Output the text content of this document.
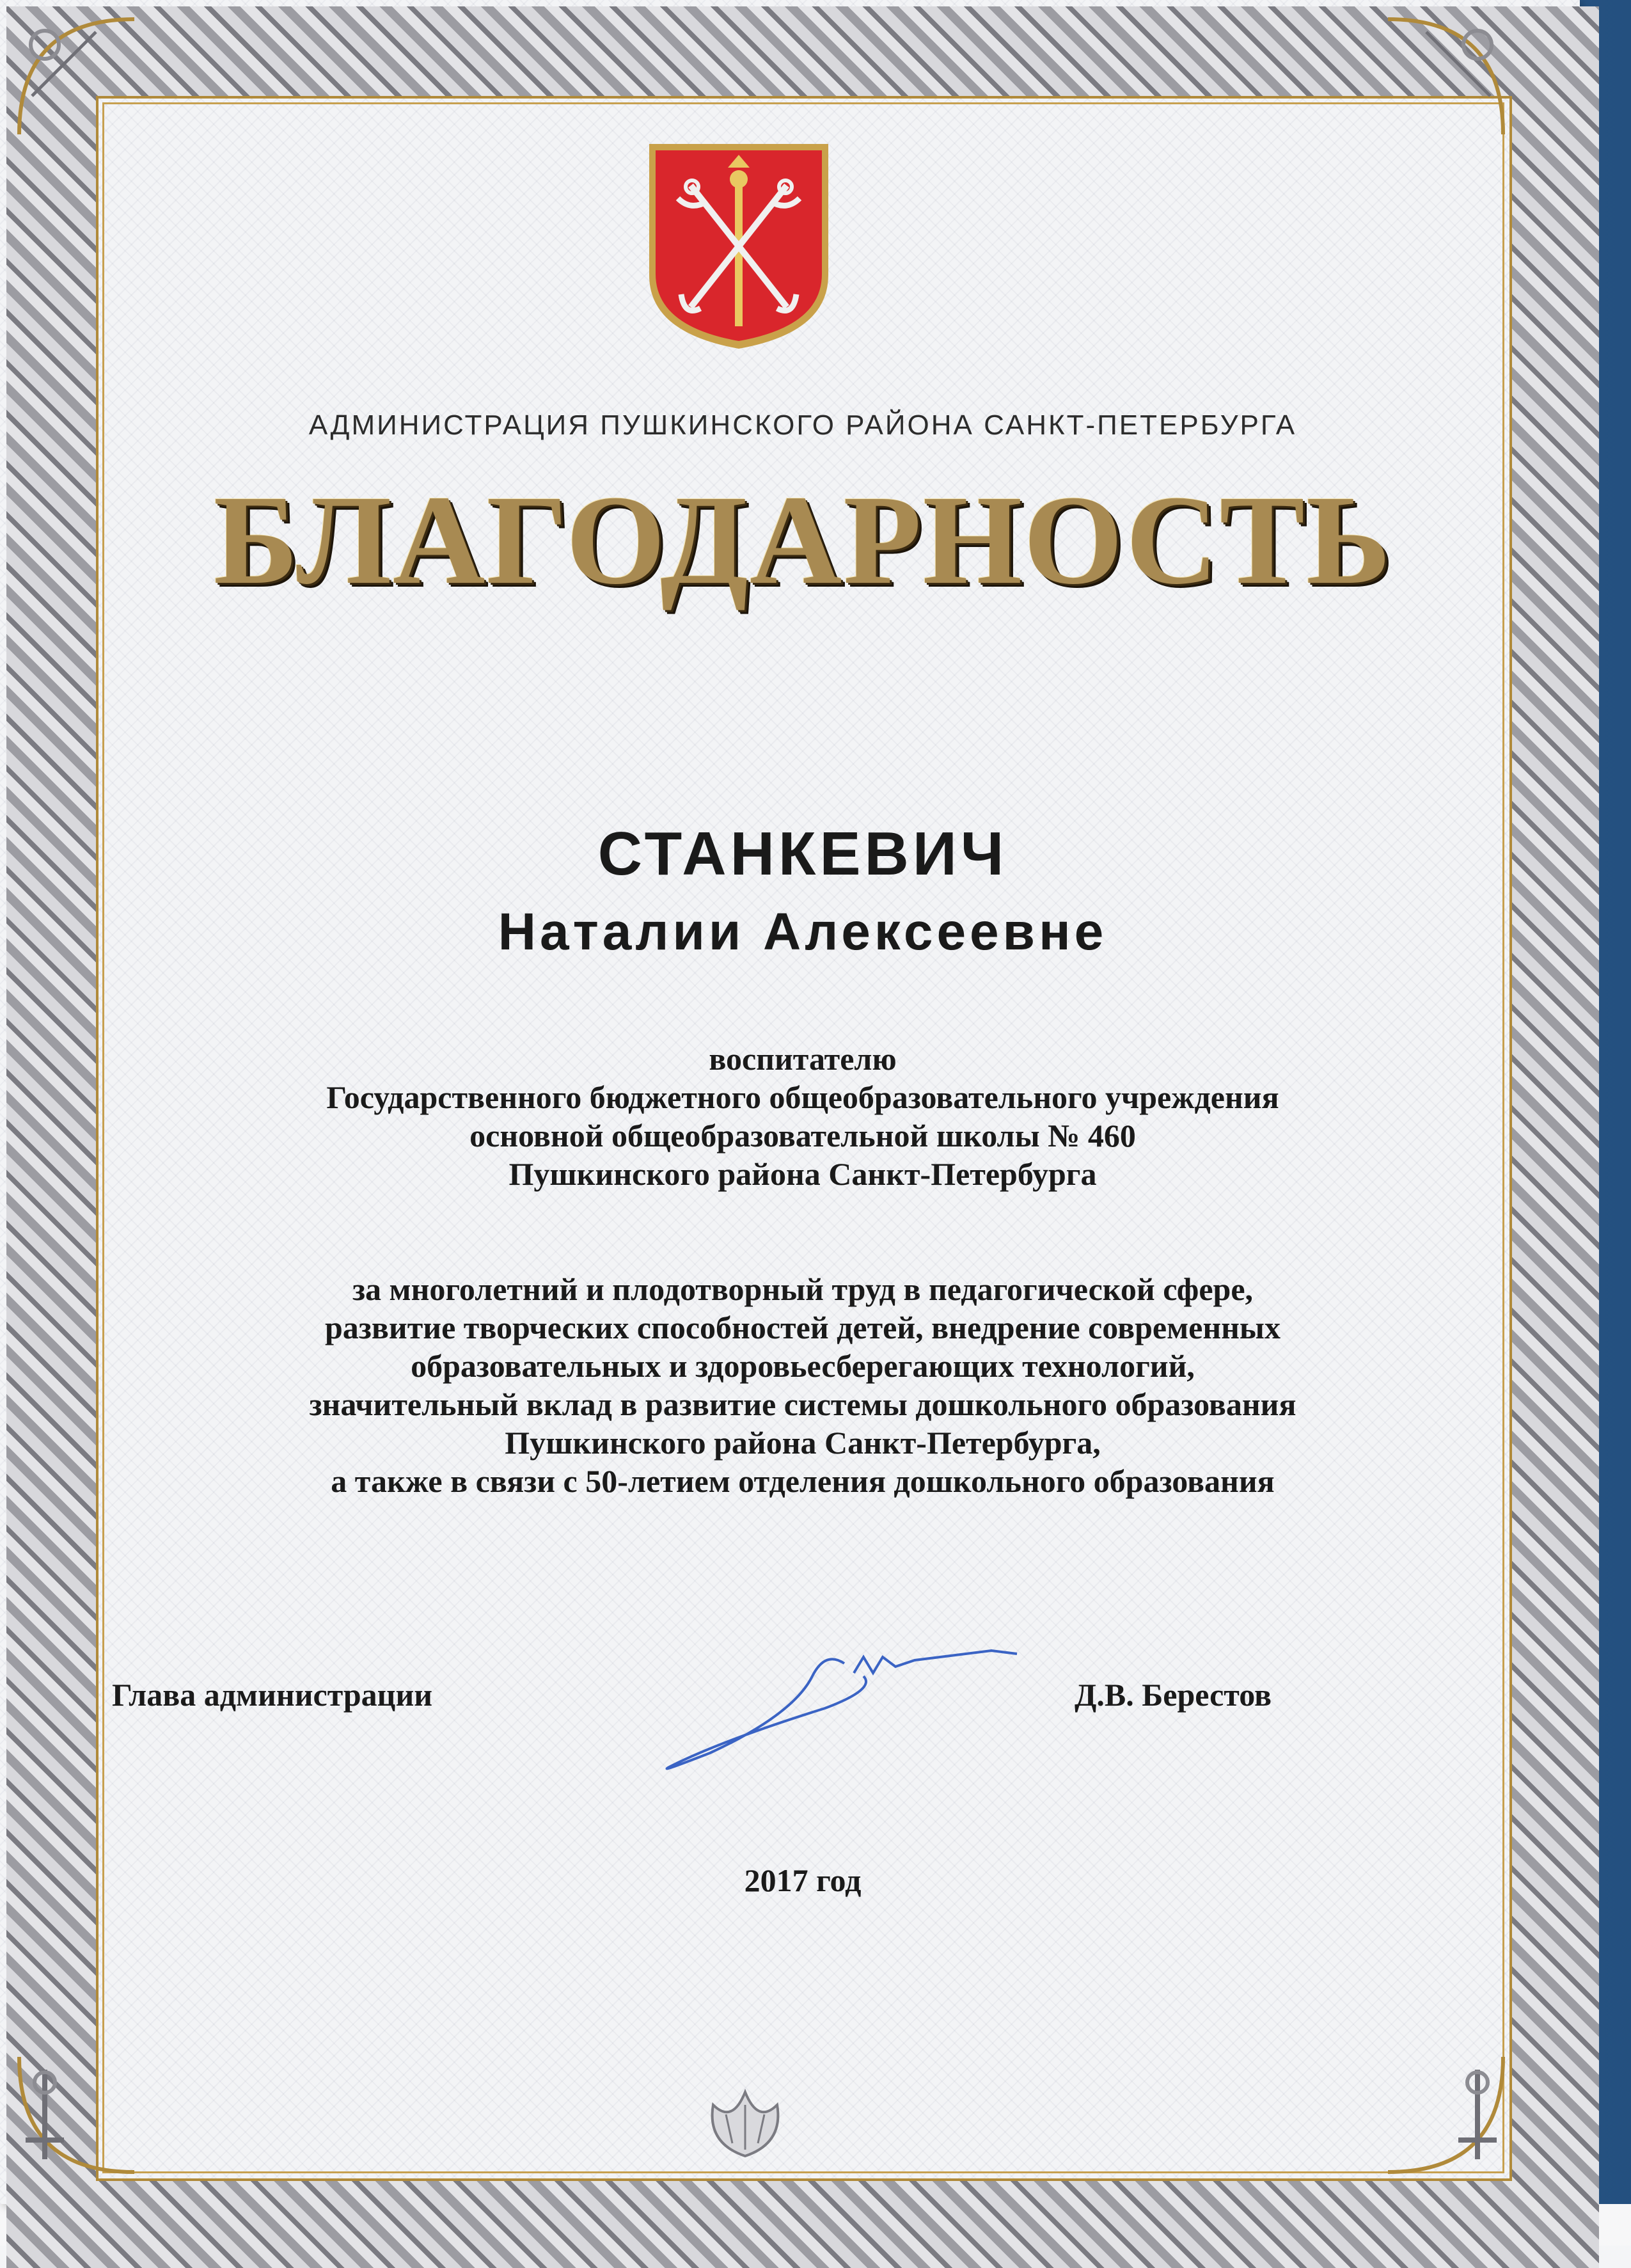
АДМИНИСТРАЦИЯ ПУШКИНСКОГО РАЙОНА САНКТ-ПЕТЕРБУРГА
БЛАГОДАРНОСТЬ
СТАНКЕВИЧ
Наталии Алексеевне
воспитателю
Государственного бюджетного общеобразовательного учреждения
основной общеобразовательной школы № 460
Пушкинского района Санкт-Петербурга
за многолетний и плодотворный труд в педагогической сфере,
развитие творческих способностей детей, внедрение современных
образовательных и здоровьесберегающих технологий,
значительный вклад в развитие системы дошкольного образования
Пушкинского района Санкт-Петербурга,
а также в связи с 50-летием отделения дошкольного образования
Глава администрации	Д.В. Берестов
2017 год
